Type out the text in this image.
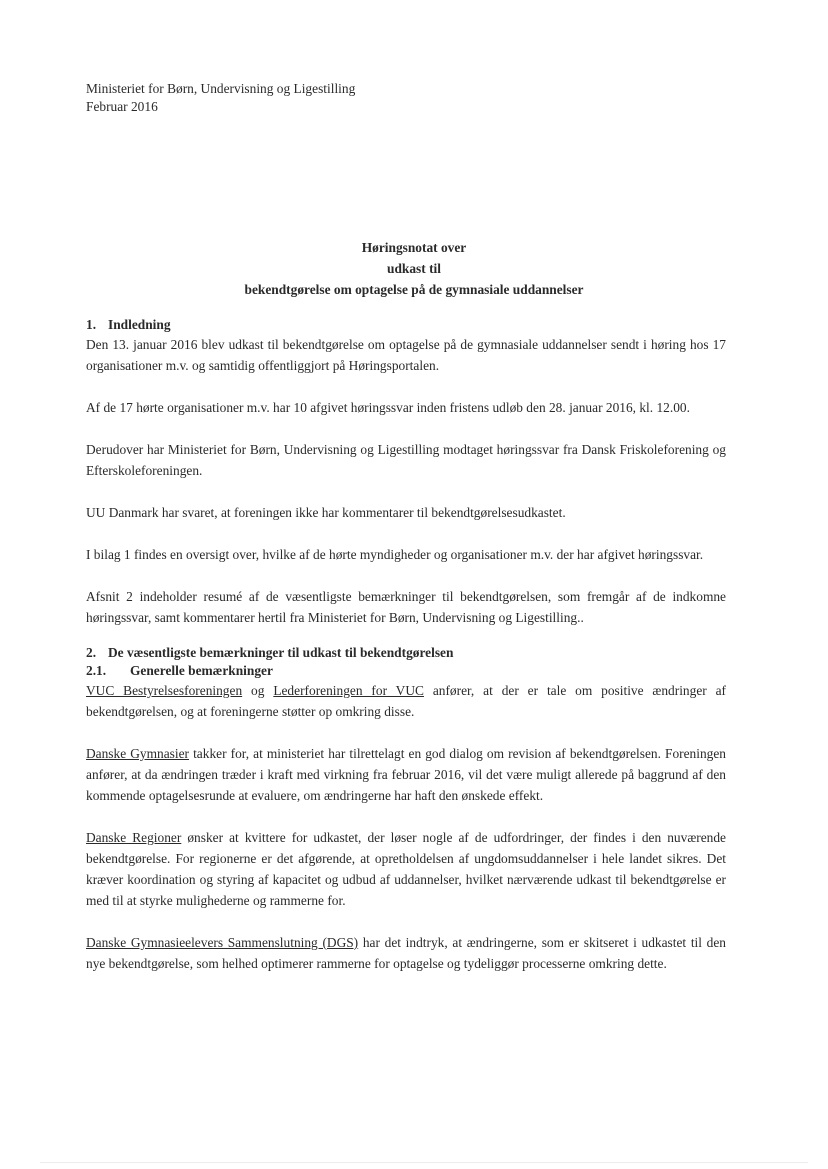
Ministeriet for Børn, Undervisning og Ligestilling
Februar 2016
Høringsnotat over
udkast til
bekendtgørelse om optagelse på de gymnasiale uddannelser
1. Indledning

Den 13. januar 2016 blev udkast til bekendtgørelse om optagelse på de gymnasiale uddannelser sendt i høring hos 17 organisationer m.v. og samtidig offentliggjort på Høringsportalen.

Af de 17 hørte organisationer m.v. har 10 afgivet høringssvar inden fristens udløb den 28. januar 2016, kl. 12.00.

Derudover har Ministeriet for Børn, Undervisning og Ligestilling modtaget høringssvar fra Dansk Friskoleforening og Efterskoleforeningen.

UU Danmark har svaret, at foreningen ikke har kommentarer til bekendtgørelsesudkastet.

I bilag 1 findes en oversigt over, hvilke af de hørte myndigheder og organisationer m.v. der har afgivet høringssvar.

Afsnit 2 indeholder resumé af de væsentligste bemærkninger til bekendtgørelsen, som fremgår af de indkomne høringssvar, samt kommentarer hertil fra Ministeriet for Børn, Undervisning og Ligestilling..

2. De væsentligste bemærkninger til udkast til bekendtgørelsen
2.1. Generelle bemærkninger

VUC Bestyrelsesforeningen og Lederforeningen for VUC anfører, at der er tale om positive ændringer af bekendtgørelsen, og at foreningerne støtter op omkring disse.

Danske Gymnasier takker for, at ministeriet har tilrettelagt en god dialog om revision af bekendtgørelsen. Foreningen anfører, at da ændringen træder i kraft med virkning fra februar 2016, vil det være muligt allerede på baggrund af den kommende optagelsesrunde at evaluere, om ændringerne har haft den ønskede effekt.

Danske Regioner ønsker at kvittere for udkastet, der løser nogle af de udfordringer, der findes i den nuværende bekendtgørelse. For regionerne er det afgørende, at opretholdelsen af ungdomsuddannelser i hele landet sikres. Det kræver koordination og styring af kapacitet og udbud af uddannelser, hvilket nærværende udkast til bekendtgørelse er med til at styrke mulighederne og rammerne for.

Danske Gymnasieelevers Sammenslutning (DGS) har det indtryk, at ændringerne, som er skitseret i udkastet til den nye bekendtgørelse, som helhed optimerer rammerne for optagelse og tydeliggør processerne omkring dette.
